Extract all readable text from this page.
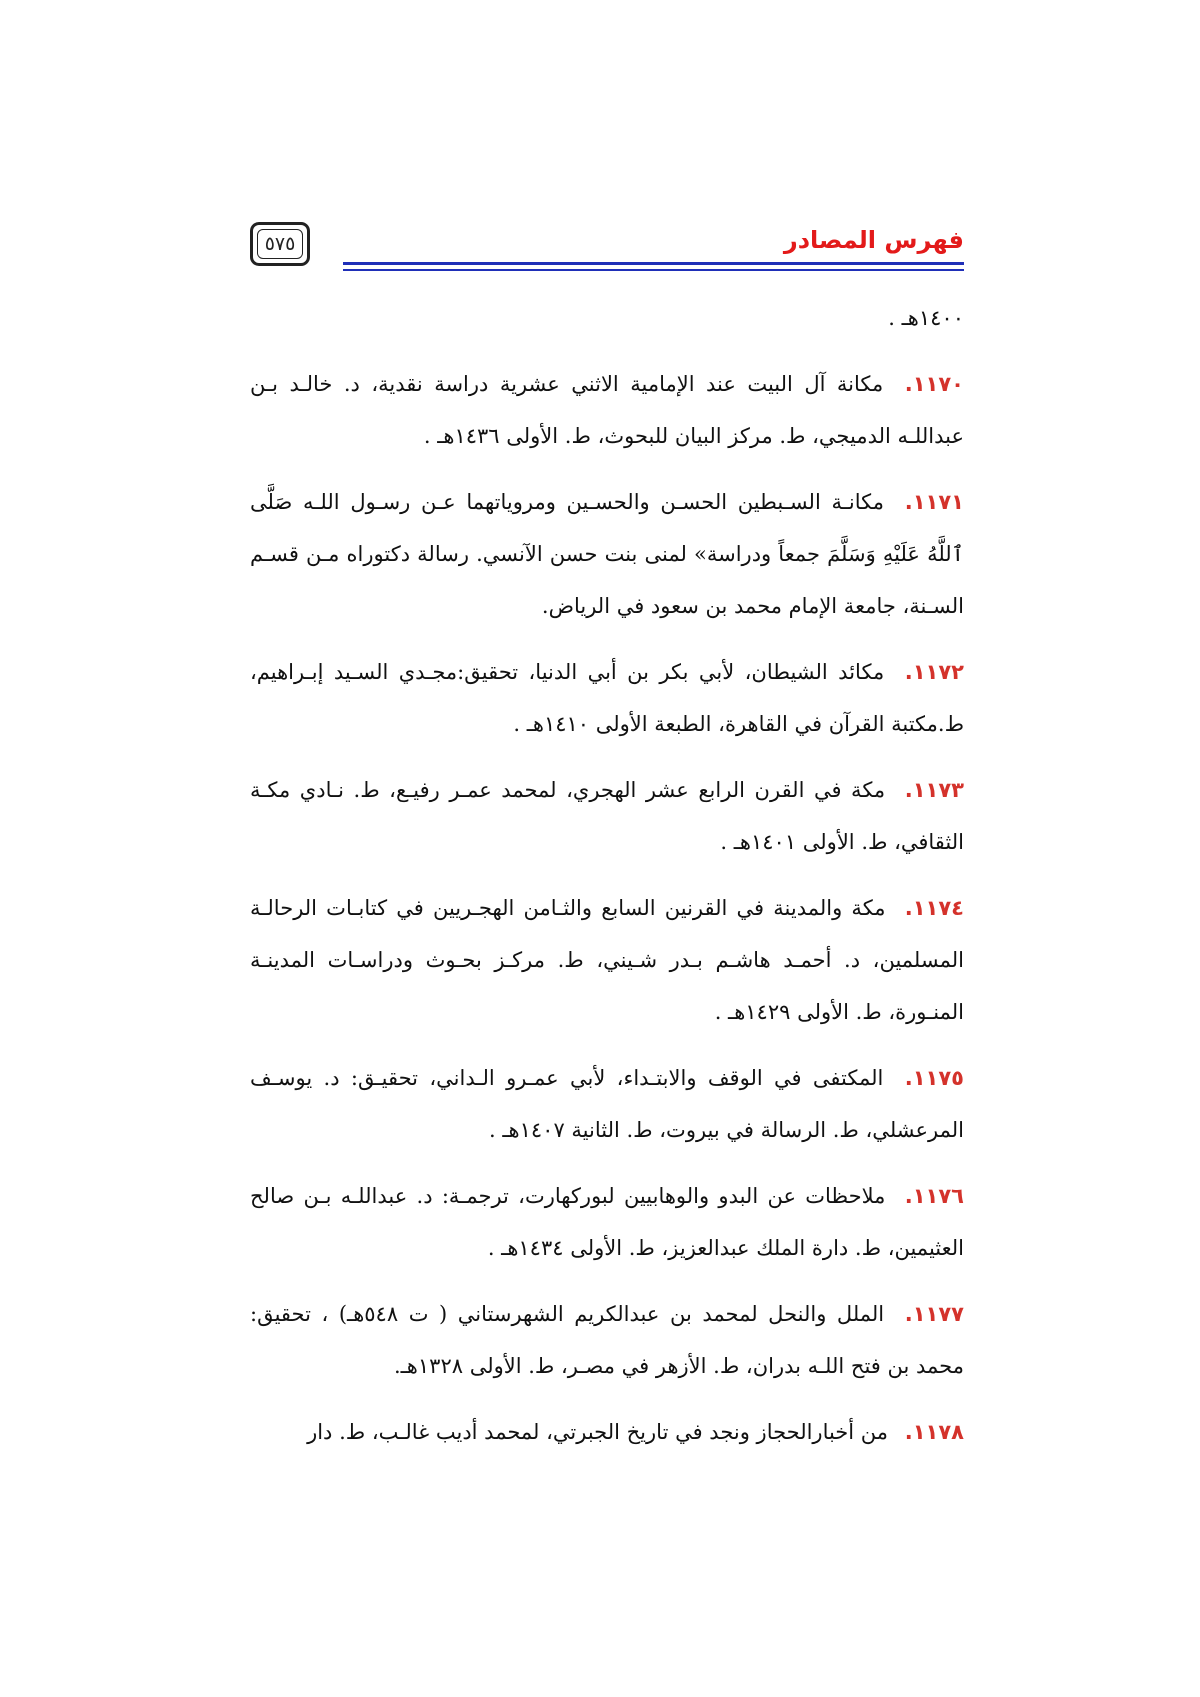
فهرس المصادر
٥٧٥

١٤٠٠هـ .

١١٧٠. مكانة آل البيت عند الإمامية الاثني عشرية دراسة نقدية، د. خالـد بـن عبداللـه الدميجي، ط. مركز البيان للبحوث، ط. الأولى ١٤٣٦هـ .

١١٧١. مكانـة السـبطين الحسـن والحسـين ومروياتهما عـن رسـول اللـه صَلَّى ٱللَّهُ عَلَيْهِ وَسَلَّمَ جمعاً ودراسة» لمنى بنت حسن الآنسي. رسالة دكتوراه مـن قسـم السـنة، جامعة الإمام محمد بن سعود في الرياض.

١١٧٢. مكائد الشيطان، لأبي بكر بن أبي الدنيا، تحقيق:مجـدي السـيد إبـراهيم، ط.مكتبة القرآن في القاهرة، الطبعة الأولى ١٤١٠هـ .

١١٧٣. مكة في القرن الرابع عشر الهجري، لمحمد عمـر رفيـع، ط. نـادي مكـة الثقافي، ط. الأولى ١٤٠١هـ .

١١٧٤. مكة والمدينة في القرنين السابع والثـامن الهجـريين في كتابـات الرحالـة المسلمين، د. أحمـد هاشـم بـدر شـيني، ط. مركـز بحـوث ودراسـات المدينـة المنـورة، ط. الأولى ١٤٢٩هـ .

١١٧٥. المكتفى في الوقف والابتـداء، لأبي عمـرو الـداني، تحقيـق: د. يوسـف المرعشلي، ط. الرسالة في بيروت، ط. الثانية ١٤٠٧هـ .

١١٧٦. ملاحظات عن البدو والوهابيين لبوركهارت، ترجمـة: د. عبداللـه بـن صالح العثيمين، ط. دارة الملك عبدالعزيز، ط. الأولى ١٤٣٤هـ .

١١٧٧. الملل والنحل لمحمد بن عبدالكريم الشهرستاني ( ت ٥٤٨هـ) ، تحقيق: محمد بن فتح اللـه بدران، ط. الأزهر في مصـر، ط. الأولى ١٣٢٨هـ.

١١٧٨. من أخبارالحجاز ونجد في تاريخ الجبرتي، لمحمد أديب غالـب، ط. دار
